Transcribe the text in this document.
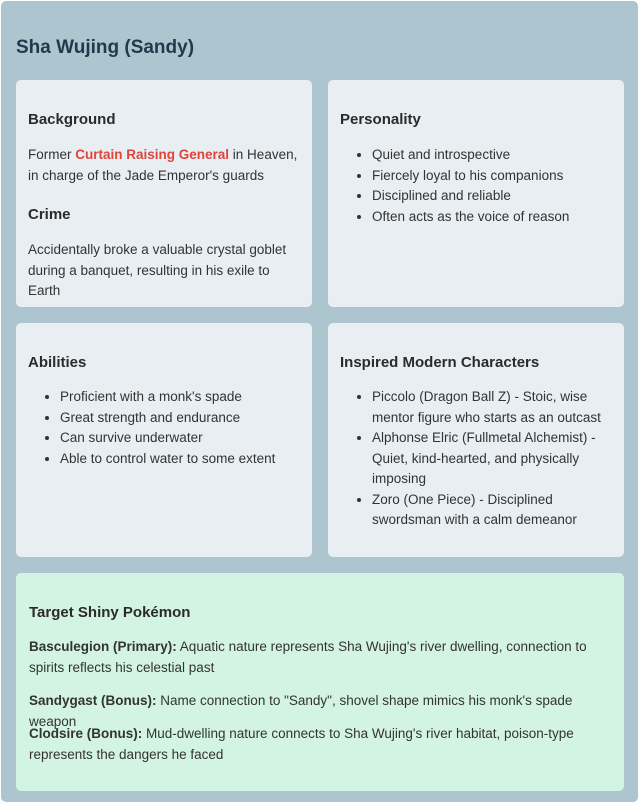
Sha Wujing (Sandy)
Background

Former Curtain Raising General in Heaven, in charge of the Jade Emperor's guards

Crime

Accidentally broke a valuable crystal goblet during a banquet, resulting in his exile to Earth

Personality
• Quiet and introspective
• Fiercely loyal to his companions
• Disciplined and reliable
• Often acts as the voice of reason
Abilities
• Proficient with a monk's spade
• Great strength and endurance
• Can survive underwater
• Able to control water to some extent
Inspired Modern Characters
• Piccolo (Dragon Ball Z) - Stoic, wise mentor figure who starts as an outcast
• Alphonse Elric (Fullmetal Alchemist) - Quiet, kind-hearted, and physically imposing
• Zoro (One Piece) - Disciplined swordsman with a calm demeanor
Target Shiny Pokémon

Basculegion (Primary): Aquatic nature represents Sha Wujing's river dwelling, connection to spirits reflects his celestial past

Sandygast (Bonus): Name connection to "Sandy", shovel shape mimics his monk's spade weapon

Clodsire (Bonus): Mud-dwelling nature connects to Sha Wujing's river habitat, poison-type represents the dangers he faced
